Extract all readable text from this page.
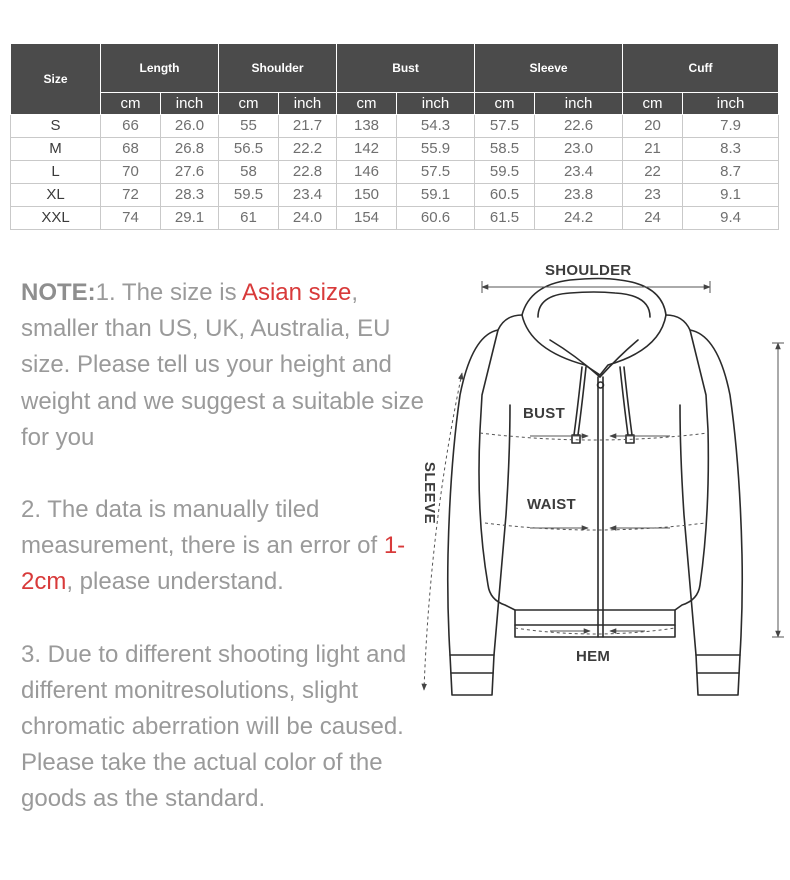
Size	Length		Shoulder		Bust		Sleeve		Cuff	
	cm	inch	cm	inch	cm	inch	cm	inch	cm	inch
S	66	26.0	55	21.7	138	54.3	57.5	22.6	20	7.9
M	68	26.8	56.5	22.2	142	55.9	58.5	23.0	21	8.3
L	70	27.6	58	22.8	146	57.5	59.5	23.4	22	8.7
XL	72	28.3	59.5	23.4	150	59.1	60.5	23.8	23	9.1
XXL	74	29.1	61	24.0	154	60.6	61.5	24.2	24	9.4

NOTE:1. The size is Asian size, smaller than US, UK, Australia, EU size. Please tell us your height and weight and we suggest a suitable size for you

2. The data is manually tiled measurement, there is an error of 1-2cm, please understand.

3. Due to different shooting light and different monitresolutions, slight chromatic aberration will be caused. Please take the actual color of the goods as the standard.

SHOULDER
BUST
WAIST
HEM
SLEEVE
